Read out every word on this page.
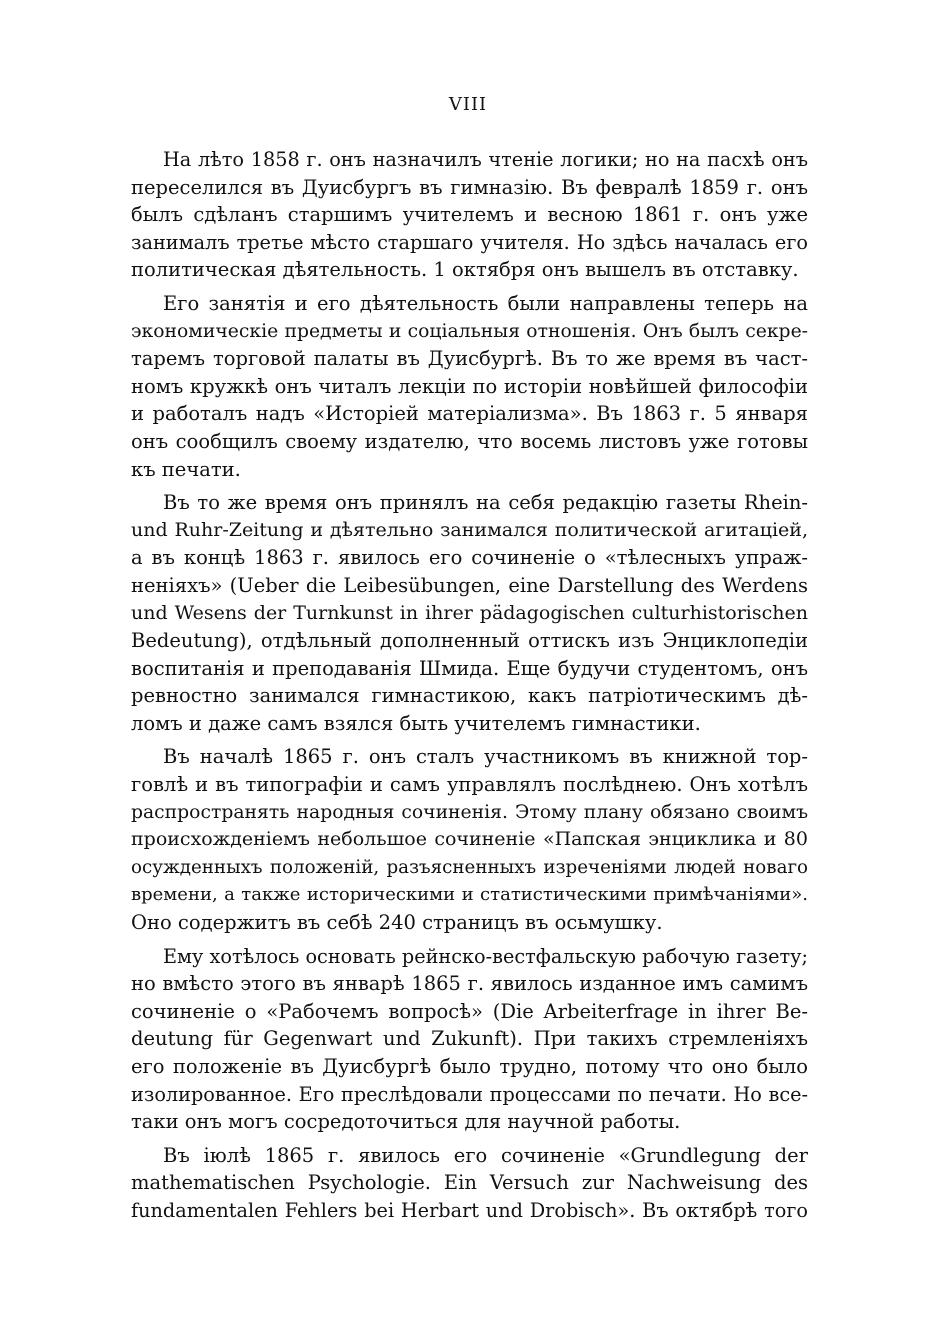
VIII
На лѣто 1858 г. онъ назначилъ чтеніе логики; но на пасхѣ онъ
переселился въ Дуисбургъ въ гимназію. Въ февралѣ 1859 г. онъ
былъ сдѣланъ старшимъ учителемъ и весною 1861 г. онъ уже
занималъ третье мѣсто старшаго учителя. Но здѣсь началась его
политическая дѣятельность. 1 октября онъ вышелъ въ отставку.
Его занятія и его дѣятельность были направлены теперь на
экономическіе предметы и соціальныя отношенія. Онъ былъ секре-
таремъ торговой палаты въ Дуисбургѣ. Въ то же время въ част-
номъ кружкѣ онъ читалъ лекціи по исторіи новѣйшей философіи
и работалъ надъ «Исторіей матеріализма». Въ 1863 г. 5 января
онъ сообщилъ своему издателю, что восемь листовъ уже готовы
къ печати.
Въ то же время онъ принялъ на себя редакцію газеты Rhein-
und Ruhr-Zeitung и дѣятельно занимался политической агитаціей,
а въ концѣ 1863 г. явилось его сочиненіе о «тѣлесныхъ упраж-
неніяхъ» (Ueber die Leibesübungen, eine Darstellung des Werdens
und Wesens der Turnkunst in ihrer pädagogischen culturhistorischen
Bedeutung), отдѣльный дополненный оттискъ изъ Энциклопедіи
воспитанія и преподаванія Шмида. Еще будучи студентомъ, онъ
ревностно занимался гимнастикою, какъ патріотическимъ дѣ-
ломъ и даже самъ взялся быть учителемъ гимнастики.
Въ началѣ 1865 г. онъ сталъ участникомъ въ книжной тор-
говлѣ и въ типографіи и самъ управлялъ послѣднею. Онъ хотѣлъ
распространять народныя сочиненія. Этому плану обязано своимъ
происхожденіемъ небольшое сочиненіе «Папская энциклика и 80
осужденныхъ положеній, разъясненныхъ изреченіями людей новаго
времени, а также историческими и статистическими примѣчаніями».
Оно содержитъ въ себѣ 240 страницъ въ осьмушку.
Ему хотѣлось основать рейнско-вестфальскую рабочую газету;
но вмѣсто этого въ январѣ 1865 г. явилось изданное имъ самимъ
сочиненіе о «Рабочемъ вопросѣ» (Die Arbeiterfrage in ihrer Be-
deutung für Gegenwart und Zukunft). При такихъ стремленіяхъ
его положеніе въ Дуисбургѣ было трудно, потому что оно было
изолированное. Его преслѣдовали процессами по печати. Но все-
таки онъ могъ сосредоточиться для научной работы.
Въ іюлѣ 1865 г. явилось его сочиненіе «Grundlegung der
mathematischen Psychologie. Ein Versuch zur Nachweisung des
fundamentalen Fehlers bei Herbart und Drobisch». Въ октябрѣ того
